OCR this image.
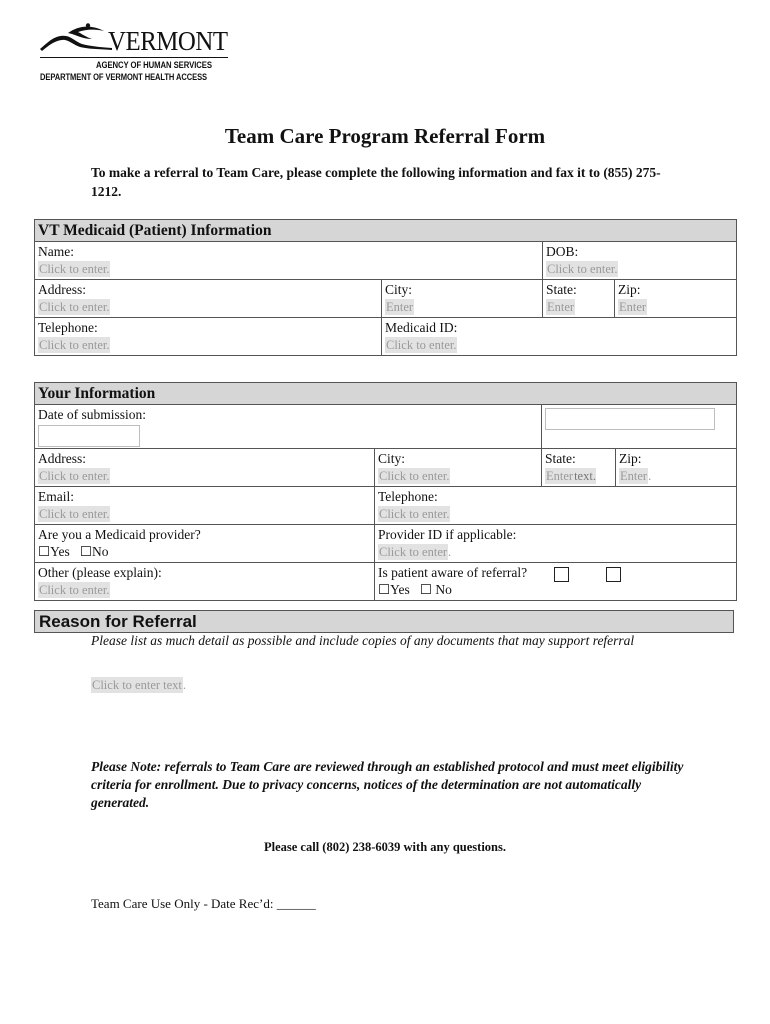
VERMONT
AGENCY OF HUMAN SERVICES
DEPARTMENT OF VERMONT HEALTH ACCESS
Team Care Program Referral Form
To make a referral to Team Care, please complete the following information and fax it to (855) 275-1212.
VT Medicaid (Patient) Information			

Name:
Click to enter.		DOB:
Click to enter.	

Address:
Click to enter.	City:
Enter	State:
Enter	Zip:
Enter

Telephone:
Click to enter.	Medicaid ID:
Click to enter.		
Your Information			

Date of submission:			

Address:
Click to enter.	City:
Click to enter.	State:
Entertext.	Zip:
Enter.

Email:
Click to enter.	Telephone:
Click to enter.		

Are you a Medicaid provider?
☐Yes ☐No	Provider ID if applicable:
Click to enter.		

Other (please explain):
Click to enter.	Is patient aware of referral?
☐Yes ☐ No		
Reason for Referral
Please list as much detail as possible and include copies of any documents that may support referral
Click to enter text.
Please Note: referrals to Team Care are reviewed through an established protocol and must meet eligibility criteria for enrollment. Due to privacy concerns, notices of the determination are not automatically generated.
Please call (802) 238-6039 with any questions.
Team Care Use Only - Date Rec’d: ______
